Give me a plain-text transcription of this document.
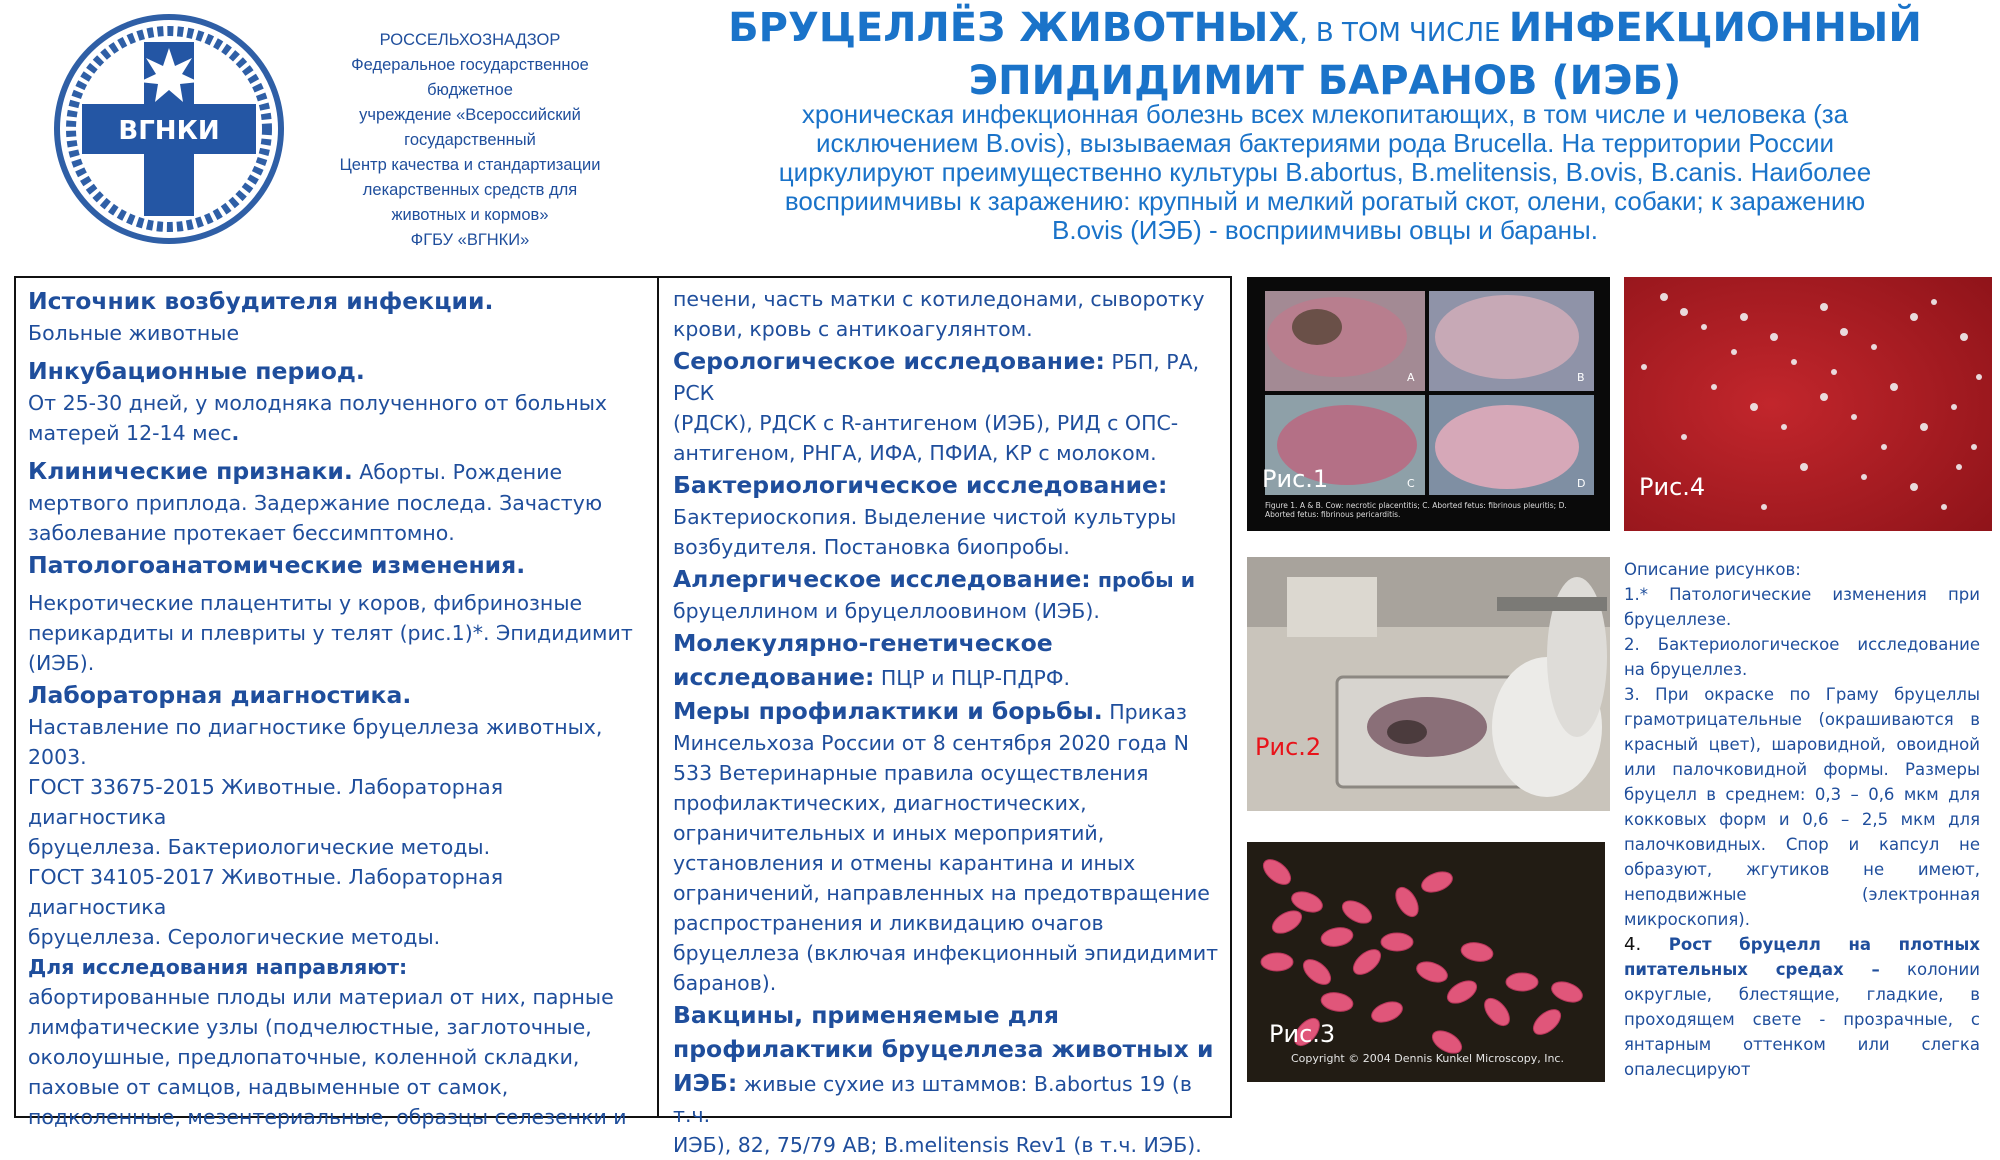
ВГНКИ
РОССЕЛЬХОЗНАДЗОР
Федеральное государственное
бюджетное
учреждение «Всероссийский
государственный
Центр качества и стандартизации
лекарственных средств для
животных и кормов»
ФГБУ «ВГНКИ»
БРУЦЕЛЛЁЗ ЖИВОТНЫХ, В ТОМ ЧИСЛЕ ИНФЕКЦИОННЫЙ
ЭПИДИДИМИТ БАРАНОВ (ИЭБ)
хроническая инфекционная болезнь всех млекопитающих, в том числе и человека (за
исключением B.ovis), вызываемая бактериями рода Brucella. На территории России
циркулируют преимущественно культуры B.abortus, B.melitensis, B.ovis, B.canis. Наиболее
восприимчивы к заражению: крупный и мелкий рогатый скот, олени, собаки; к заражению
B.ovis (ИЭБ) - восприимчивы овцы и бараны.

Источник возбудителя инфекции.

Больные животные

Инкубационные период.

От 25-30 дней, у молодняка полученного от больных

матерей 12-14 мес.

Клинические признаки. Аборты. Рождение

мертвого приплода. Задержание последа. Зачастую

заболевание протекает бессимптомно.

Патологоанатомические изменения.

Некротические плацентиты у коров, фибринозные

перикардиты и плевриты у телят (рис.1)*. Эпидидимит

(ИЭБ).

Лабораторная диагностика.

Наставление по диагностике бруцеллеза животных,

2003.

ГОСТ 33675-2015 Животные. Лабораторная диагностика

бруцеллеза. Бактериологические методы.

ГОСТ 34105-2017 Животные. Лабораторная диагностика

бруцеллеза. Серологические методы.

Для исследования направляют:

абортированные плоды или материал от них, парные

лимфатические узлы (подчелюстные, заглоточные,

околоушные, предлопаточные, коленной складки,

паховые от самцов, надвыменные от самок,

подколенные, мезентериальные, образцы селезенки и

печени, часть матки с котиледонами, сыворотку

крови, кровь с антикоагулянтом.

Серологическое исследование: РБП, РА, РСК

(РДСК), РДСК с R-антигеном (ИЭБ), РИД с ОПС-

антигеном, РНГА, ИФА, ПФИА, КР с молоком.

Бактериологическое исследование:

Бактериоскопия. Выделение чистой культуры

возбудителя. Постановка биопробы.

Аллергическое исследование: пробы и

бруцеллином и бруцеллоовином (ИЭБ).

Молекулярно-генетическое

исследование: ПЦР и ПЦР-ПДРФ.

Меры профилактики и борьбы. Приказ

Минсельхоза России от 8 сентября 2020 года N

533 Ветеринарные правила осуществления

профилактических, диагностических,

ограничительных и иных мероприятий,

установления и отмены карантина и иных

ограничений, направленных на предотвращение

распространения и ликвидацию очагов

бруцеллеза (включая инфекционный эпидидимит

баранов).

Вакцины, применяемые для

профилактики бруцеллеза животных и

ИЭБ: живые сухие из штаммов: B.abortus 19 (в т.ч.

ИЭБ), 82, 75/79 АВ; B.melitensis Rev1 (в т.ч. ИЭБ).

A	B
C	D
Figure 1. A & B. Cow: necrotic placentitis; C. Aborted fetus: fibrinous pleuritis; D. Aborted fetus: fibrinous pericarditis.
Рис.1	Рис.4
Рис.2
Copyright © 2004 Dennis Kunkel Microscopy, Inc.
Рис.3

Описание рисунков:

1.* Патологические изменения при бруцеллезе.

2. Бактериологическое исследование на бруцеллез.

3. При окраске по Граму бруцеллы грамотрицательные (окрашиваются в красный цвет), шаровидной, овоидной или палочковидной формы. Размеры бруцелл в среднем: 0,3 – 0,6 мкм для кокковых форм и 0,6 – 2,5 мкм для палочковидных. Спор и капсул не образуют, жгутиков не имеют, неподвижные (электронная микроскопия).

4. Рост бруцелл на плотных питательных средах – колонии округлые, блестящие, гладкие, в проходящем свете - прозрачные, с янтарным оттенком или слегка опалесцируют
